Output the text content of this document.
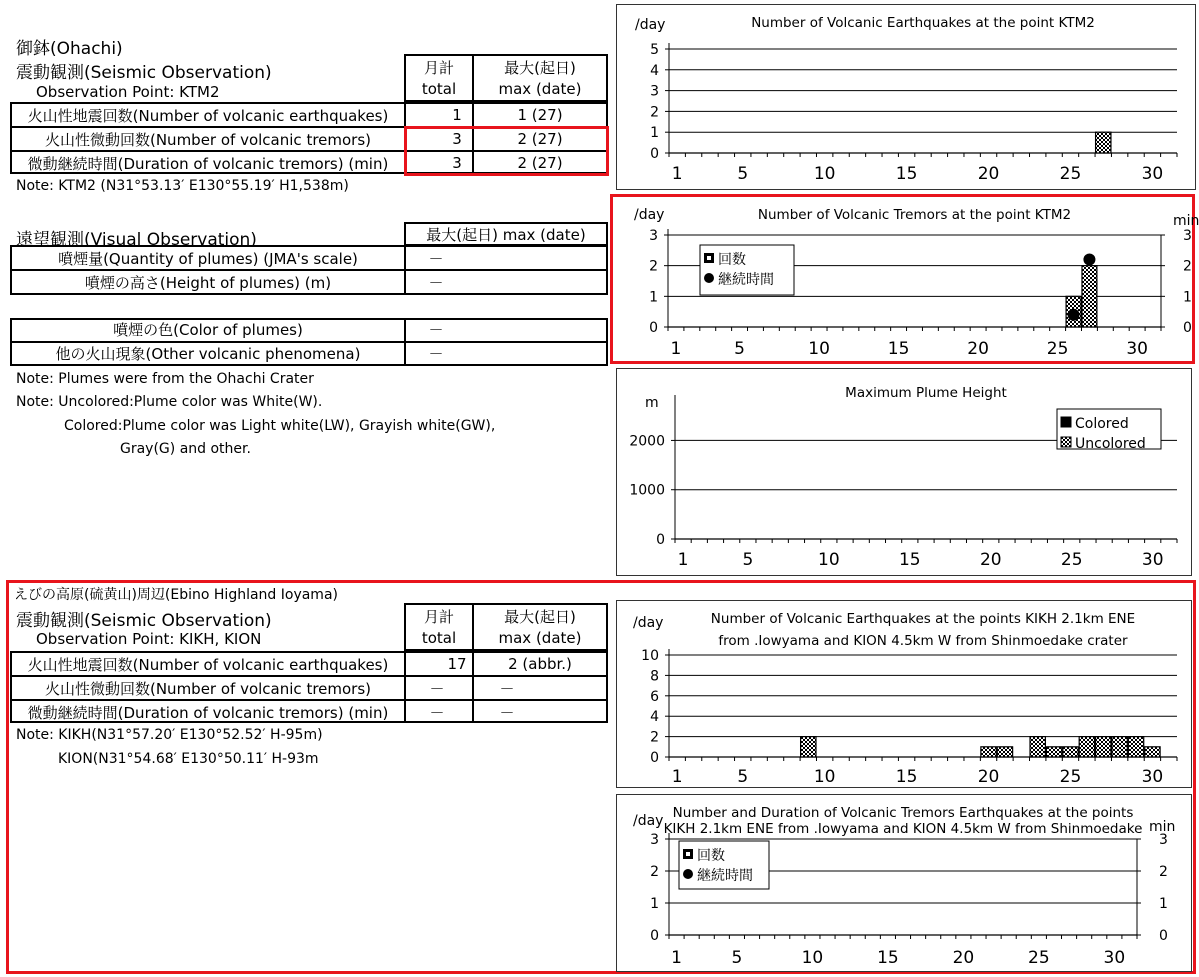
御鉢(Ohachi)
震動観測(Seismic Observation)
Observation Point: KTM2
月計
total
最大(起日)
max (date)
火山性地震回数(Number of volcanic earthquakes)	1	1 (27)
火山性微動回数(Number of volcanic tremors)	3	2 (27)
微動継続時間(Duration of volcanic tremors) (min)	3	2 (27)
Note: KTM2 (N31°53.13′ E130°55.19′ H1,538m)
遠望観測(Visual Observation)	最大(起日) max (date)
噴煙量(Quantity of plumes) (JMA's scale)	－
噴煙の高さ(Height of plumes) (m)	－
噴煙の色(Color of plumes)	－
他の火山現象(Other volcanic phenomena)	－
Note: Plumes were from the Ohachi Crater
Note: Uncolored:Plume color was White(W).
Colored:Plume color was Light white(LW), Grayish white(GW),
Gray(G) and other.
えびの高原(硫黄山)周辺(Ebino Highland Ioyama)
震動観測(Seismic Observation)
Observation Point: KIKH, KION
月計
total
最大(起日)
max (date)
火山性地震回数(Number of volcanic earthquakes)	17	2 (abbr.)
火山性微動回数(Number of volcanic tremors)	－	－
微動継続時間(Duration of volcanic tremors) (min)	－	－
Note: KIKH(N31°57.20′ E130°52.52′ H-95m)
KION(N31°54.68′ E130°50.11′ H-93m
Number of Volcanic Earthquakes at the point KTM2
/day
0
1
2
3
4
5
1	5	10	15	20	25	30
Number of Volcanic Tremors at the point KTM2
/day	min
0	0
1	1
2	2
3	3
1	5	10	15	20	25	30
回数
継続時間
Maximum Plume Height
m
0
1000
2000
1	5	10	15	20	25	30
Colored
Uncolored
Number of Volcanic Earthquakes at the points KIKH 2.1km ENE
from .Iowyama and KION 4.5km W from Shinmoedake crater
/day
0
2
4
6
8
10
1	5	10	15	20	25	30
Number and Duration of Volcanic Tremors Earthquakes at the points
KIKH 2.1km ENE from .Iowyama and KION 4.5km W from Shinmoedake
/day	min
0	0
1	1
2	2
3	3
1	5	10	15	20	25	30
回数
継続時間
